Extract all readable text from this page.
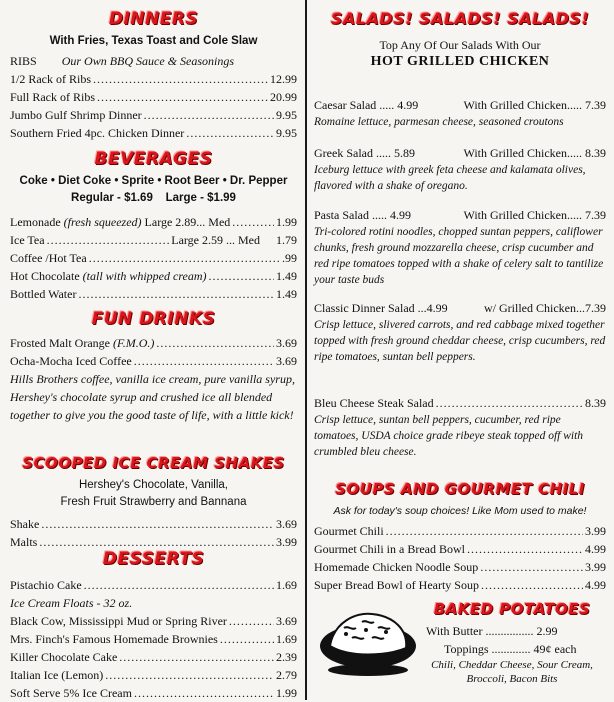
DINNERS
With Fries, Texas Toast and Cole Slaw
RIBS Our Own BBQ Sauce & Seasonings
1/2 Rack of Ribs .....	12.99
Full Rack of Ribs .....	20.99
Jumbo Gulf Shrimp Dinner .....	9.95
Southern Fried 4pc. Chicken Dinner .....	9.95
BEVERAGES
Coke • Diet Coke • Sprite • Root Beer • Dr. Pepper
Regular - $1.69    Large - $1.99
Lemonade (fresh squeezed) Large 2.89... Med .....	1.99
Ice Tea .....	Large 2.59 ... Med 1.79
Coffee /Hot Tea .....	.99
Hot Chocolate (tall with whipped cream) .....	1.49
Bottled Water .....	1.49
FUN DRINKS
Frosted Malt Orange (F.M.O.) .....	3.69
Ocha-Mocha Iced Coffee .....	3.69
Hills Brothers coffee, vanilla ice cream, pure vanilla syrup, Hershey's chocolate syrup and crushed ice all blended together to give you the good taste of life, with a little kick!
SCOOPED ICE CREAM SHAKES
Hershey's Chocolate, Vanilla,
Fresh Fruit Strawberry and Bannana
Shake .....	3.69
Malts .....	3.99
DESSERTS
Pistachio Cake .....	1.69
Ice Cream Floats - 32 oz.
Black Cow, Mississippi Mud or Spring River .....	3.69
Mrs. Finch's Famous Homemade Brownies .....	1.69
Killer Chocolate Cake .....	2.39
Italian Ice (Lemon) .....	2.79
Soft Serve 5% Ice Cream .....	1.99
SALADS! SALADS! SALADS!
Top Any Of Our Salads With Our
HOT GRILLED CHICKEN
Caesar Salad ..... 4.99	With Grilled Chicken..... 7.39
Romaine lettuce, parmesan cheese, seasoned croutons
Greek Salad ..... 5.89	With Grilled Chicken..... 8.39
Iceburg lettuce with greek feta cheese and kalamata olives, flavored with a shake of oregano.
Pasta Salad ..... 4.99	With Grilled Chicken..... 7.39
Tri-colored rotini noodles, chopped suntan peppers, califlower chunks, fresh ground mozzarella cheese, crisp cucumber and red ripe tomatoes topped with a shake of celery salt to tantilize your taste buds
Classic Dinner Salad ...4.99	w/ Grilled Chicken...7.39
Crisp lettuce, slivered carrots, and red cabbage mixed together topped with fresh ground cheddar cheese, crisp cucumbers, red ripe tomatoes, suntan bell peppers.
Bleu Cheese Steak Salad .....	8.39
Crisp lettuce, suntan bell peppers, cucumber, red ripe tomatoes, USDA choice grade ribeye steak topped off with crumbled bleu cheese.
SOUPS AND GOURMET CHILI
Ask for today's soup choices! Like Mom used to make!
Gourmet Chili .....	3.99
Gourmet Chili in a Bread Bowl .....	4.99
Homemade Chicken Noodle Soup .....	3.99
Super Bread Bowl of Hearty Soup .....	4.99
BAKED POTATOES
With Butter ................ 2.99
Toppings ............. 49¢ each
Chili, Cheddar Cheese, Sour Cream,
Broccoli, Bacon Bits
